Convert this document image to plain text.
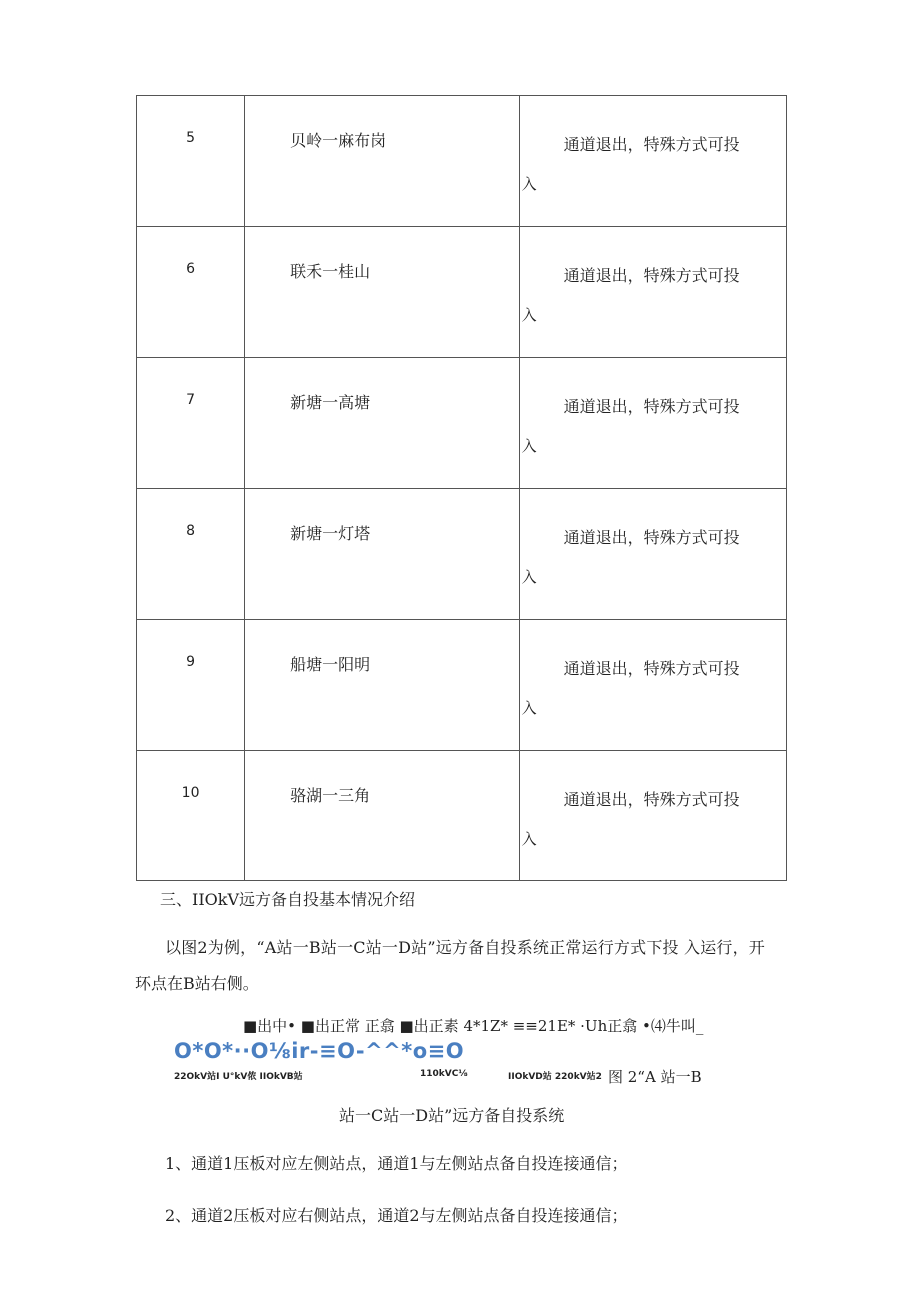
5	贝岭一麻布岗	通道退出，特殊方式可投
入

6	联禾一桂山	通道退出，特殊方式可投
入

7	新塘一高塘	通道退出，特殊方式可投
入

8	新塘一灯塔	通道退出，特殊方式可投
入

9	船塘一阳明	通道退出，特殊方式可投
入

10	骆湖一三角	通道退出，特殊方式可投
入
三、IIOkV远方备自投基本情况介绍
以图2为例，“A站一B站一C站一D站”远方备自投系统正常运行方式下投 入运行，开
环点在B站右侧。
■出中• ■出正常 正翕 ■出正素 4*1Z* ≡≡21E* ·Uh正翕 •⑷牛叫_
O*O*··O⅛ir-≡O-^^*o≡O
22OkV站I U°kV侬 IIOkVB站	110kVC⅛	IIOkVD站 220kV站2 图 2“A 站一B
站一C站一D站”远方备自投系统
1、通道1压板对应左侧站点，通道1与左侧站点备自投连接通信；
2、通道2压板对应右侧站点，通道2与左侧站点备自投连接通信；
